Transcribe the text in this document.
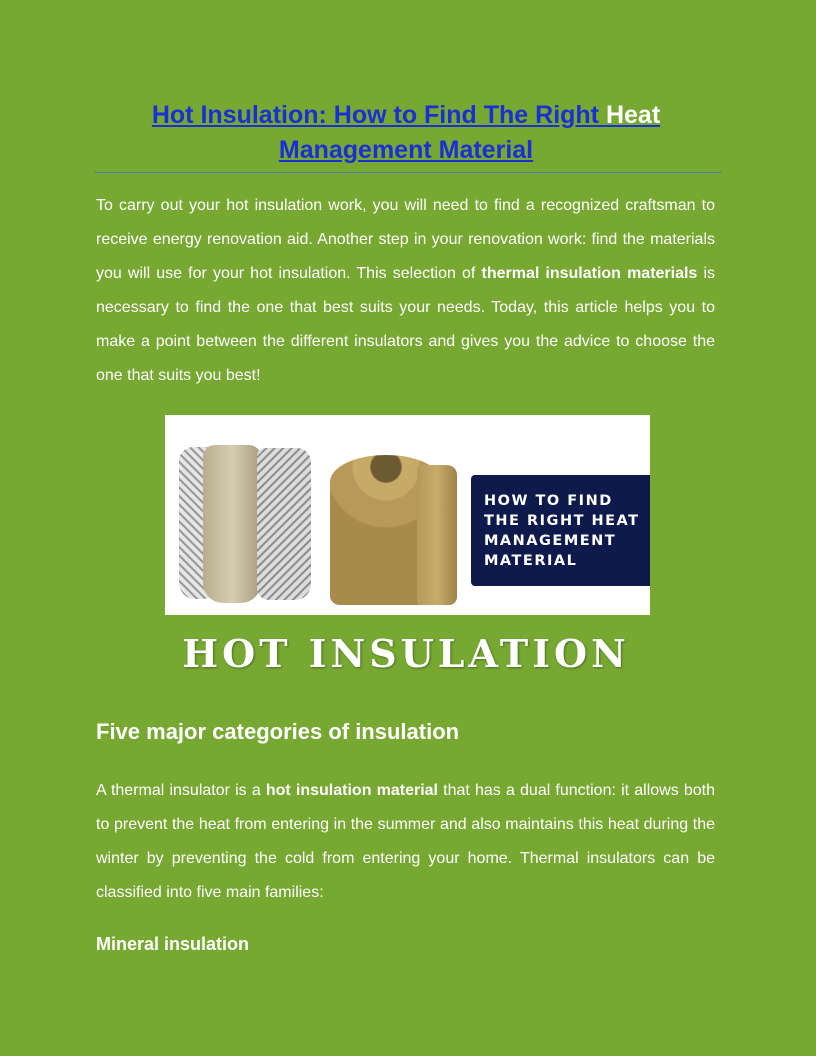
Hot Insulation: How to Find The Right Heat
Management Material

To carry out your hot insulation work, you will need to find a recognized craftsman to receive energy renovation aid. Another step in your renovation work: find the materials you will use for your hot insulation. This selection of thermal insulation materials is necessary to find the one that best suits your needs. Today, this article helps you to make a point between the different insulators and gives you the advice to choose the one that suits you best!

HOW TO FIND THE RIGHT HEAT MANAGEMENT MATERIAL

HOT INSULATION

Five major categories of insulation

A thermal insulator is a hot insulation material that has a dual function: it allows both to prevent the heat from entering in the summer and also maintains this heat during the winter by preventing the cold from entering your home. Thermal insulators can be classified into five main families:

Mineral insulation
